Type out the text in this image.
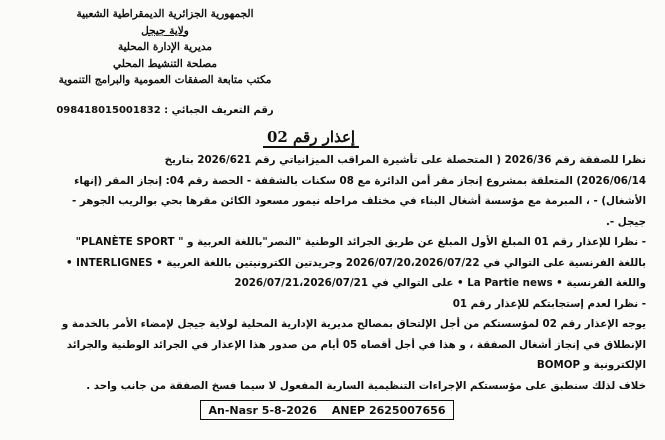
الجمهورية الجزائرية الديمقراطية الشعبية
ولاية جيجل
مديرية الإدارة المحلية
مصلحة التنشيط المحلي
مكتب متابعة الصفقات العمومية والبرامج التنموية
رقم التعريف الجبائي : 098418015001832
إعذار رقم 02

نظرا للصفقة رقم 2026/36 ( المتحصلة على تأشيرة المراقب الميزانياتي رقم 2026/621 بتاريخ

2026/06/14) المتعلقة بمشروع إنجاز مقر أمن الدائرة مع 08 سكنات بالشقفة - الحصة رقم 04: إنجاز المقر (إنهاء

الأشغال) - ، المبرمة مع مؤسسة أشغال البناء في مختلف مراحله نيمور مسعود الكائن مقرها بحي بوالريب الجوهر -

جيجل -.

- نظرا للإعذار رقم 01 المبلغ الأول المبلغ عن طريق الجرائد الوطنية "النصر"باللغة العربية و " PLANÈTE SPORT"

باللغة الفرنسية على التوالي في 2026/07/20،2026/07/22 وجريدتين الكترونيتين باللغة العربية • INTERLIGNES •

واللغة الفرنسية • La Partie news • على التوالي في 2026/07/21،2026/07/21

- نظرا لعدم إستجابتكم للإعذار رقم 01

يوجه الإعذار رقم 02 لمؤسستكم من أجل الإلتحاق بمصالح مديرية الإدارية المحلية لولاية جيجل لإمضاء الأمر بالخدمة و

الإنطلاق في إنجاز أشغال الصفقة ، و هذا في أجل أقصاه 05 أيام من صدور هذا الإعذار في الجرائد الوطنية والجرائد

الإلكترونية و BOMOP

خلاف لذلك سنطبق على مؤسستكم الإجراءات التنظيمية السارية المفعول لا سيما فسخ الصفقة من جانب واحد .

An-Nasr 5-8-2026 ANEP 2625007656
